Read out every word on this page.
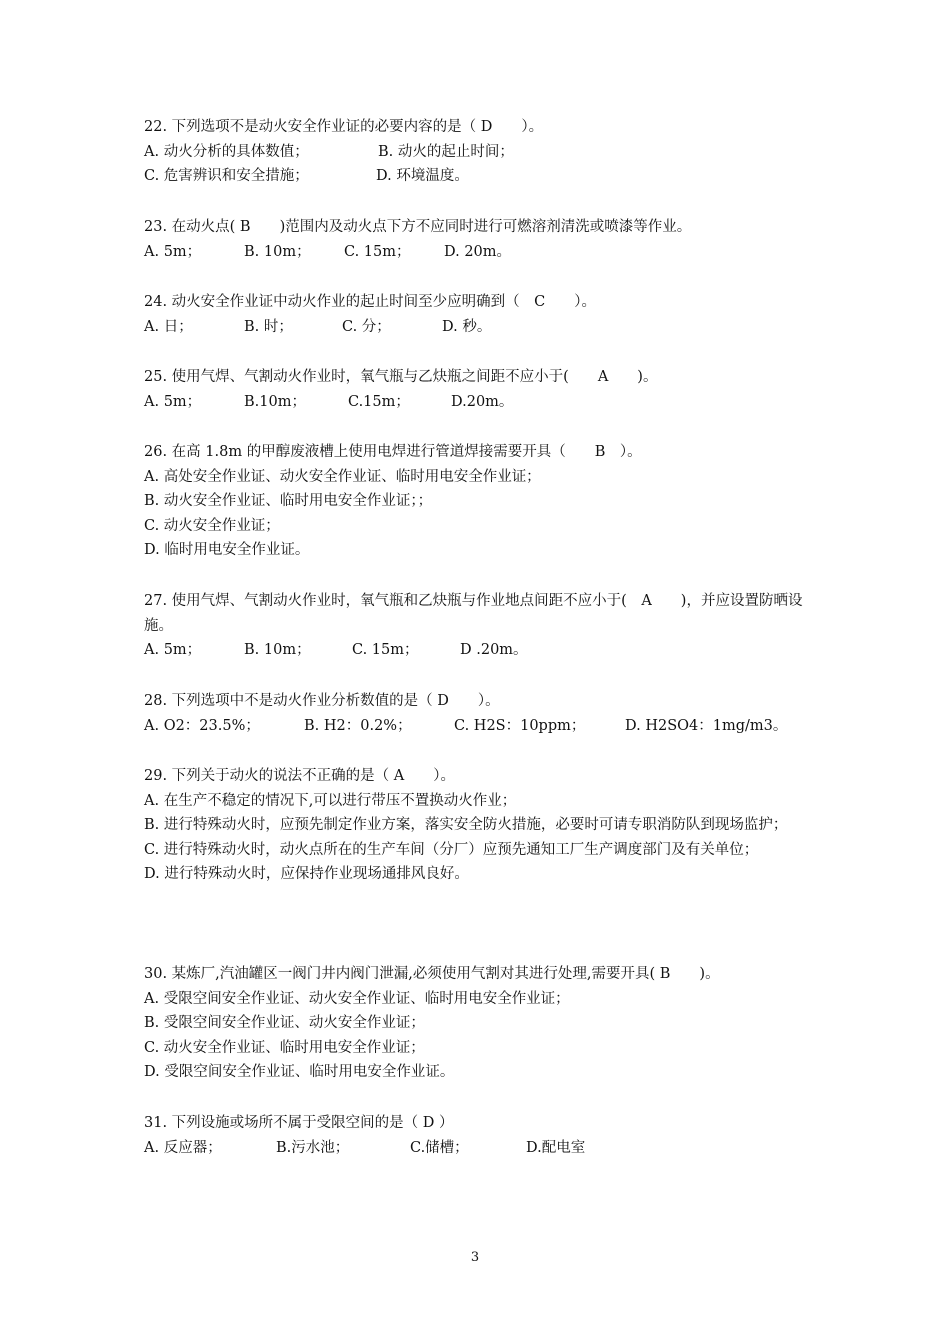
22. 下列选项不是动火安全作业证的必要内容的是（ D　　）。
A. 动火分析的具体数值；	B. 动火的起止时间；
C. 危害辨识和安全措施；	D. 环境温度。
23. 在动火点( B　　)范围内及动火点下方不应同时进行可燃溶剂清洗或喷漆等作业。
A. 5m；	B. 10m； C. 15m； D. 20m。
24. 动火安全作业证中动火作业的起止时间至少应明确到（　C　　）。
A. 日；	B. 时；	C. 分；	D. 秒。
25. 使用气焊、气割动火作业时，氧气瓶与乙炔瓶之间距不应小于(　　A　　)。
A. 5m；	B.10m；	C.15m；	D.20m。
26. 在高 1.8m 的甲醇废液槽上使用电焊进行管道焊接需要开具（　　B　）。
A. 高处安全作业证、动火安全作业证、临时用电安全作业证；
B. 动火安全作业证、临时用电安全作业证；；
C. 动火安全作业证；
D. 临时用电安全作业证。
27. 使用气焊、气割动火作业时，氧气瓶和乙炔瓶与作业地点间距不应小于(　A　　)，并应设置防晒设施。
A. 5m；	B. 10m；	C. 15m；	D .20m。
28. 下列选项中不是动火作业分析数值的是（ D　　）。
A. O2：23.5%；	B. H2：0.2%；	C. H2S：10ppm；	D. H2SO4：1mg/m3。
29. 下列关于动火的说法不正确的是（ A　　）。
A. 在生产不稳定的情况下,可以进行带压不置换动火作业；
B. 进行特殊动火时，应预先制定作业方案，落实安全防火措施，必要时可请专职消防队到现场监护；
C. 进行特殊动火时，动火点所在的生产车间（分厂）应预先通知工厂生产调度部门及有关单位；
D. 进行特殊动火时，应保持作业现场通排风良好。
30. 某炼厂,汽油罐区一阀门井内阀门泄漏,必须使用气割对其进行处理,需要开具( B　　)。
A. 受限空间安全作业证、动火安全作业证、临时用电安全作业证；
B. 受限空间安全作业证、动火安全作业证；
C. 动火安全作业证、临时用电安全作业证；
D. 受限空间安全作业证、临时用电安全作业证。
31. 下列设施或场所不属于受限空间的是（ D ）
A. 反应器；	B.污水池；	C.储槽；	D.配电室
3
